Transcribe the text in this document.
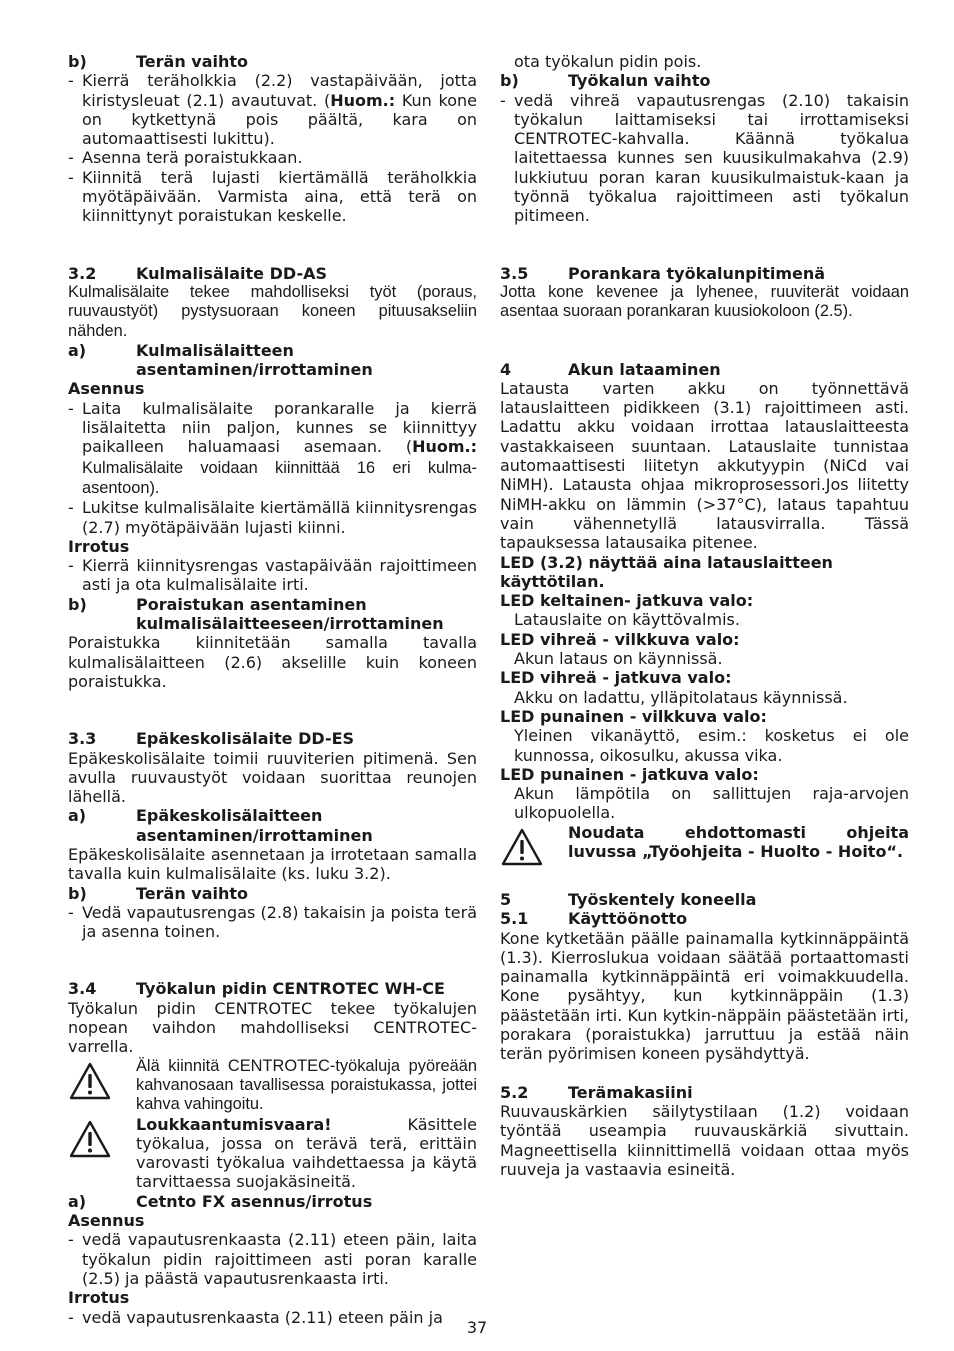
b)	Terän vaihto
- Kierrä teräholkkia (2.2) vastapäivään, jotta kiristysleuat (2.1) avautuvat. (Huom.: Kun kone on kytkettynä pois päältä, kara on automaattisesti lukittu).
- Asenna terä poraistukkaan.
- Kiinnitä terä lujasti kiertämällä teräholkkia myötäpäivään. Varmista aina, että terä on kiinnittynyt poraistukan keskelle.
3.2	Kulmalisälaite DD-AS

Kulmalisälaite tekee mahdolliseksi työt (poraus, ruuvaustyöt) pystysuoraan koneen pituusakseliin nähden.

a)	Kulmalisälaitteen asentaminen/irrottaminen

Asennus

- Laita kulmalisälaite porankaralle ja kierrä lisälaitetta niin paljon, kunnes se kiinnittyy paikalleen haluamaasi asemaan. (Huom.: Kulmalisälaite voidaan kiinnittää 16 eri kulma-asentoon).
- Lukitse kulmalisälaite kiertämällä kiinnitysrengas (2.7) myötäpäivään lujasti kiinni.

Irrotus

- Kierrä kiinnitysrengas vastapäivään rajoittimeen asti ja ota kulmalisälaite irti.
b)	Poraistukan asentaminen kulmalisälaitteeseen/irrottaminen

Poraistukka kiinnitetään samalla tavalla kulmalisälaitteen (2.6) akselille kuin koneen poraistukka.

3.3	Epäkeskolisälaite DD-ES

Epäkeskolisälaite toimii ruuviterien pitimenä. Sen avulla ruuvaustyöt voidaan suorittaa reunojen lähellä.

a)	Epäkeskolisälaitteen asentaminen/irrottaminen

Epäkeskolisälaite asennetaan ja irrotetaan samalla tavalla kuin kulmalisälaite (ks. luku 3.2).

b)	Terän vaihto
- Vedä vapautusrengas (2.8) takaisin ja poista terä ja asenna toinen.
3.4	Työkalun pidin CENTROTEC WH-CE

Työkalun pidin CENTROTEC tekee työkalujen nopean vaihdon mahdolliseksi CENTROTEC-varrella.

Älä kiinnitä CENTROTEC-työkaluja pyöreään kahvanosaan tavallisessa poraistukassa, jottei kahva vahingoitu.
Loukkaantumisvaara! Käsittele työkalua, jossa on terävä terä, erittäin varovasti työkalua vaihdettaessa ja käytä tarvittaessa suojakäsineitä.
a)	Cetnto FX asennus/irrotus

Asennus

- vedä vapautusrenkaasta (2.11) eteen päin, laita työkalun pidin rajoittimeen asti poran karalle (2.5) ja päästä vapautusrenkaasta irti.

Irrotus

- vedä vapautusrenkaasta (2.11) eteen päin ja

ota työkalun pidin pois.

b)	Työkalun vaihto
- vedä vihreä vapautusrengas (2.10) takaisin työkalun laittamiseksi tai irrottamiseksi CENTROTEC-kahvalla. Käännä työkalua laitettaessa kunnes sen kuusikulmakahva (2.9) lukkiutuu poran karan kuusikulmaistuk-kaan ja työnnä työkalua rajoittimeen asti työkalun pitimeen.
3.5	Porankara työkalunpitimenä

Jotta kone kevenee ja lyhenee, ruuviterät voidaan asentaa suoraan porankaran kuusiokoloon (2.5).

4	Akun lataaminen

Latausta varten akku on työnnettävä latauslaitteen pidikkeen (3.1) rajoittimeen asti. Ladattu akku voidaan irrottaa latauslaitteesta vastakkaiseen suuntaan. Latauslaite tunnistaa automaattisesti liitetyn akkutyypin (NiCd vai NiMH). Latausta ohjaa mikroprosessori.Jos liitetty NiMH-akku on lämmin (>37°C), lataus tapahtuu vain vähennetyllä latausvirralla. Tässä tapauksessa latausaika pitenee.

LED (3.2) näyttää aina latauslaitteen käyttötilan.

LED keltainen- jatkuva valo:

Latauslaite on käyttövalmis.

LED vihreä - vilkkuva valo:

Akun lataus on käynnissä.

LED vihreä - jatkuva valo:

Akku on ladattu, ylläpitolataus käynnissä.

LED punainen - vilkkuva valo:

Yleinen vikanäyttö, esim.: kosketus ei ole kunnossa, oikosulku, akussa vika.

LED punainen - jatkuva valo:

Akun lämpötila on sallittujen raja-arvojen ulkopuolella.

Noudata ehdottomasti ohjeita luvussa „Työohjeita - Huolto - Hoito“.
5	Työskentely koneella
5.1	Käyttöönotto

Kone kytketään päälle painamalla kytkinnäppäintä (1.3). Kierroslukua voidaan säätää portaattomasti painamalla kytkinnäppäintä eri voimakkuudella. Kone pysähtyy, kun kytkinnäppäin (1.3) päästetään irti. Kun kytkin-näppäin päästetään irti, porakara (poraistukka) jarruttuu ja estää näin terän pyörimisen koneen pysähdyttyä.

5.2	Terämakasiini

Ruuvauskärkien säilytystilaan (1.2) voidaan työntää useampia ruuvauskärkiä sivuttain. Magneettisella kiinnittimellä voidaan ottaa myös ruuveja ja vastaavia esineitä.

37
